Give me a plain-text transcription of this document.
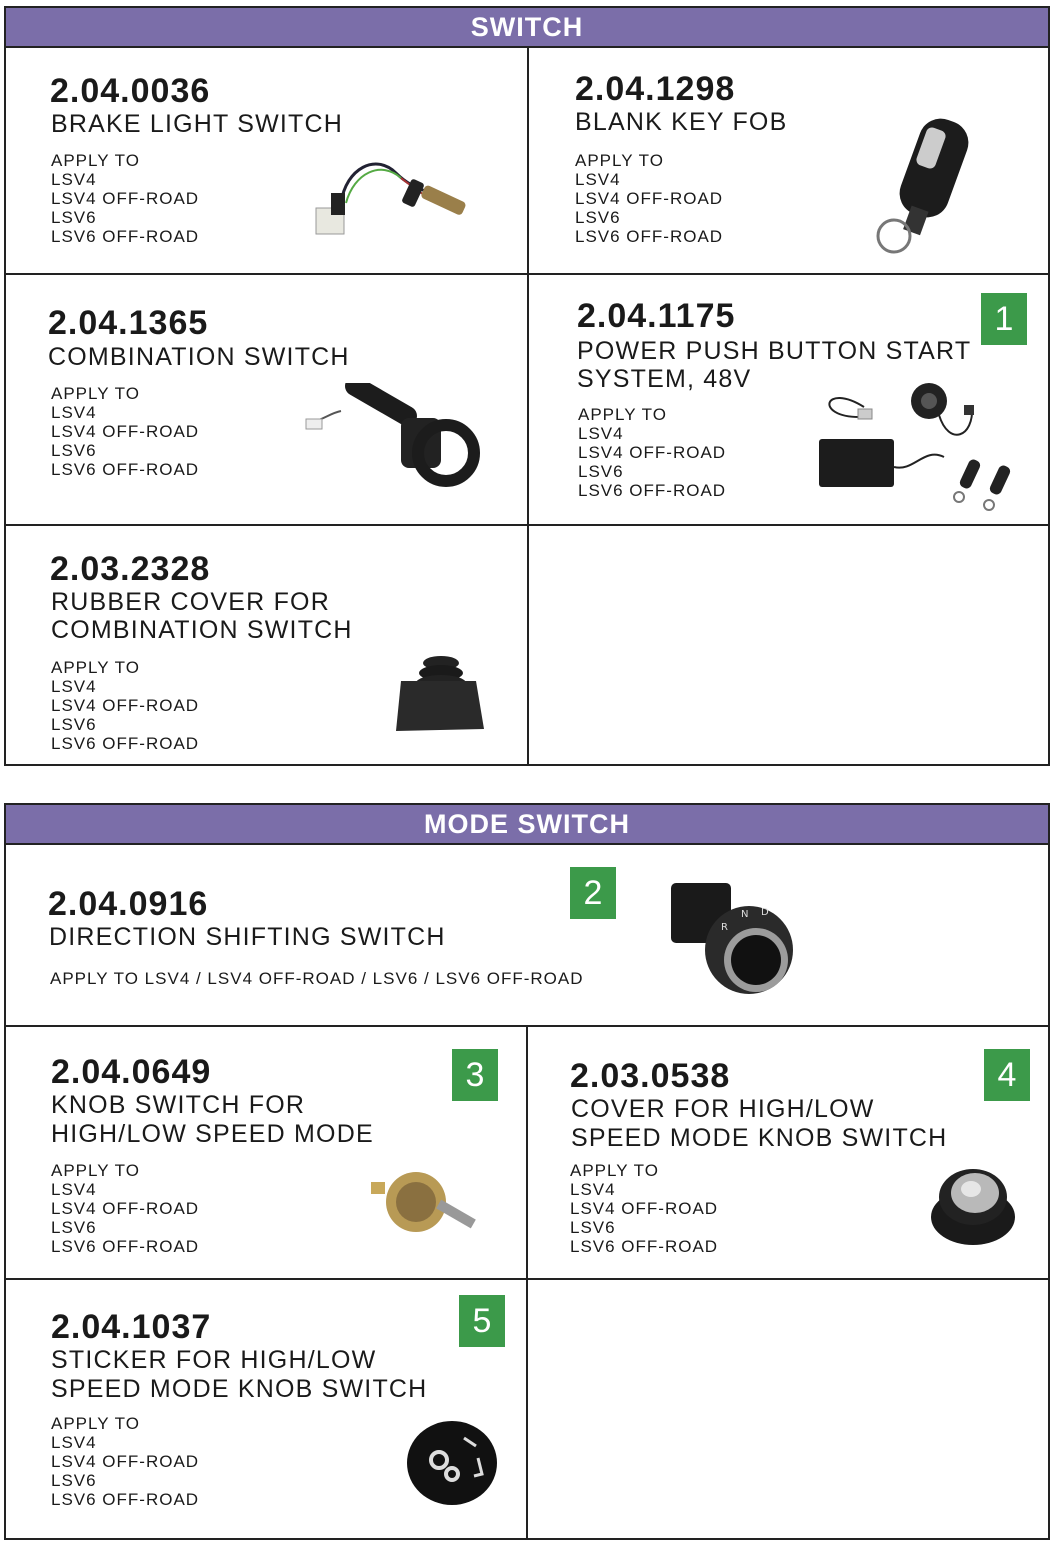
SWITCH
2.04.0036
BRAKE LIGHT SWITCH
APPLY TO
LSV4
LSV4 OFF-ROAD
LSV6
LSV6 OFF-ROAD
2.04.1298
BLANK KEY FOB
APPLY TO
LSV4
LSV4 OFF-ROAD
LSV6
LSV6 OFF-ROAD
2.04.1365
COMBINATION SWITCH
APPLY TO
LSV4
LSV4 OFF-ROAD
LSV6
LSV6 OFF-ROAD
1
2.04.1175
POWER PUSH BUTTON START
SYSTEM, 48V
APPLY TO
LSV4
LSV4 OFF-ROAD
LSV6
LSV6 OFF-ROAD
2.03.2328
RUBBER COVER FOR
COMBINATION SWITCH
APPLY TO
LSV4
LSV4 OFF-ROAD
LSV6
LSV6 OFF-ROAD
MODE SWITCH
2
2.04.0916
DIRECTION SHIFTING SWITCH
APPLY TO LSV4 / LSV4 OFF-ROAD / LSV6 / LSV6 OFF-ROAD
R
N D
3
2.04.0649
KNOB SWITCH FOR
HIGH/LOW SPEED MODE
APPLY TO
LSV4
LSV4 OFF-ROAD
LSV6
LSV6 OFF-ROAD
4
2.03.0538
COVER FOR HIGH/LOW
SPEED MODE KNOB SWITCH
APPLY TO
LSV4
LSV4 OFF-ROAD
LSV6
LSV6 OFF-ROAD
5
2.04.1037
STICKER FOR HIGH/LOW
SPEED MODE KNOB SWITCH
APPLY TO
LSV4
LSV4 OFF-ROAD
LSV6
LSV6 OFF-ROAD
